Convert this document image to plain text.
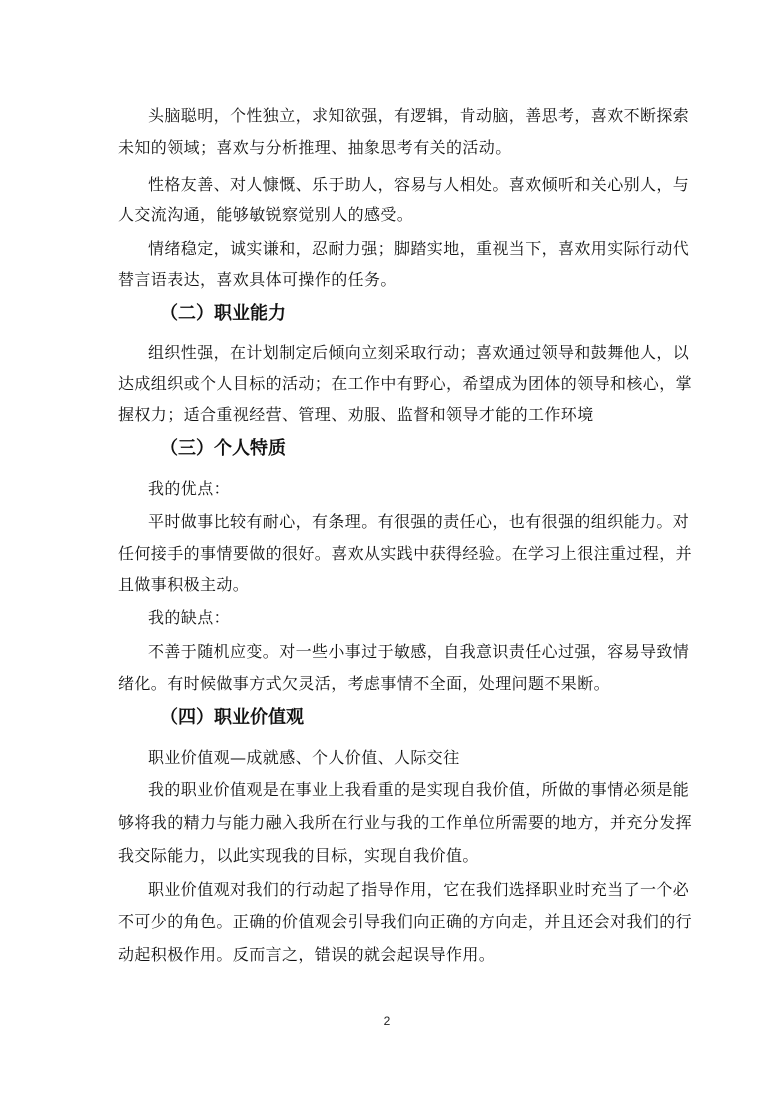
头脑聪明，个性独立，求知欲强，有逻辑，肯动脑，善思考，喜欢不断探索
未知的领域；喜欢与分析推理、抽象思考有关的活动。
性格友善、对人慷慨、乐于助人，容易与人相处。喜欢倾听和关心别人，与
人交流沟通，能够敏锐察觉别人的感受。
情绪稳定，诚实谦和，忍耐力强；脚踏实地，重视当下，喜欢用实际行动代
替言语表达，喜欢具体可操作的任务。
（二）职业能力
组织性强，在计划制定后倾向立刻采取行动；喜欢通过领导和鼓舞他人，以
达成组织或个人目标的活动；在工作中有野心，希望成为团体的领导和核心，掌
握权力；适合重视经营、管理、劝服、监督和领导才能的工作环境
（三）个人特质
我的优点：
平时做事比较有耐心，有条理。有很强的责任心，也有很强的组织能力。对
任何接手的事情要做的很好。喜欢从实践中获得经验。在学习上很注重过程，并
且做事积极主动。
我的缺点：
不善于随机应变。对一些小事过于敏感，自我意识责任心过强，容易导致情
绪化。有时候做事方式欠灵活，考虑事情不全面，处理问题不果断。
（四）职业价值观
职业价值观—成就感、个人价值、人际交往
我的职业价值观是在事业上我看重的是实现自我价值，所做的事情必须是能
够将我的精力与能力融入我所在行业与我的工作单位所需要的地方，并充分发挥
我交际能力，以此实现我的目标，实现自我价值。
职业价值观对我们的行动起了指导作用，它在我们选择职业时充当了一个必
不可少的角色。正确的价值观会引导我们向正确的方向走，并且还会对我们的行
动起积极作用。反而言之，错误的就会起误导作用。
2
